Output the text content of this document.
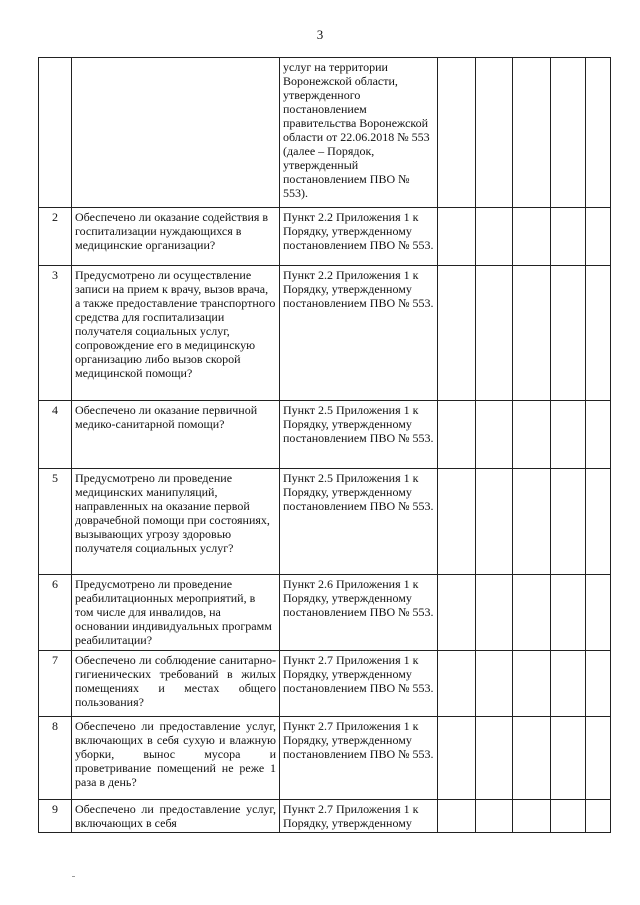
3
		услуг на территории Воронежской области, утвержденного постановлением правительства Воронежской области от 22.06.2018 № 553 (далее – Порядок, утвержденный постановлением ПВО № 553).					
2	Обеспечено ли оказание содействия в госпитализации нуждающихся в медицинские организации?	Пункт 2.2 Приложения 1 к Порядку, утвержденному постановлением ПВО № 553.					
3	Предусмотрено ли осуществление записи на прием к врачу, вызов врача, а также предоставление транспортного средства для госпитализации получателя социальных услуг, сопровождение его в медицинскую организацию либо вызов скорой медицинской помощи?	Пункт 2.2 Приложения 1 к Порядку, утвержденному постановлением ПВО № 553.					
4	Обеспечено ли оказание первичной медико-санитарной помощи?	Пункт 2.5 Приложения 1 к Порядку, утвержденному постановлением ПВО № 553.					
5	Предусмотрено ли проведение медицинских манипуляций, направленных на оказание первой доврачебной помощи при состояниях, вызывающих угрозу здоровью получателя социальных услуг?	Пункт 2.5 Приложения 1 к Порядку, утвержденному постановлением ПВО № 553.					
6	Предусмотрено ли проведение реабилитационных мероприятий, в том числе для инвалидов, на основании индивидуальных программ реабилитации?	Пункт 2.6 Приложения 1 к Порядку, утвержденному постановлением ПВО № 553.					
7	Обеспечено ли соблюдение санитарно-гигиенических требований в жилых помещениях и местах общего пользования?	Пункт 2.7 Приложения 1 к Порядку, утвержденному постановлением ПВО № 553.					
8	Обеспечено ли предоставление услуг, включающих в себя сухую и влажную уборки, вынос мусора и проветривание помещений не реже 1 раза в день?	Пункт 2.7 Приложения 1 к Порядку, утвержденному постановлением ПВО № 553.					
9	Обеспечено ли предоставление услуг, включающих в себя	Пункт 2.7 Приложения 1 к Порядку, утвержденному					
